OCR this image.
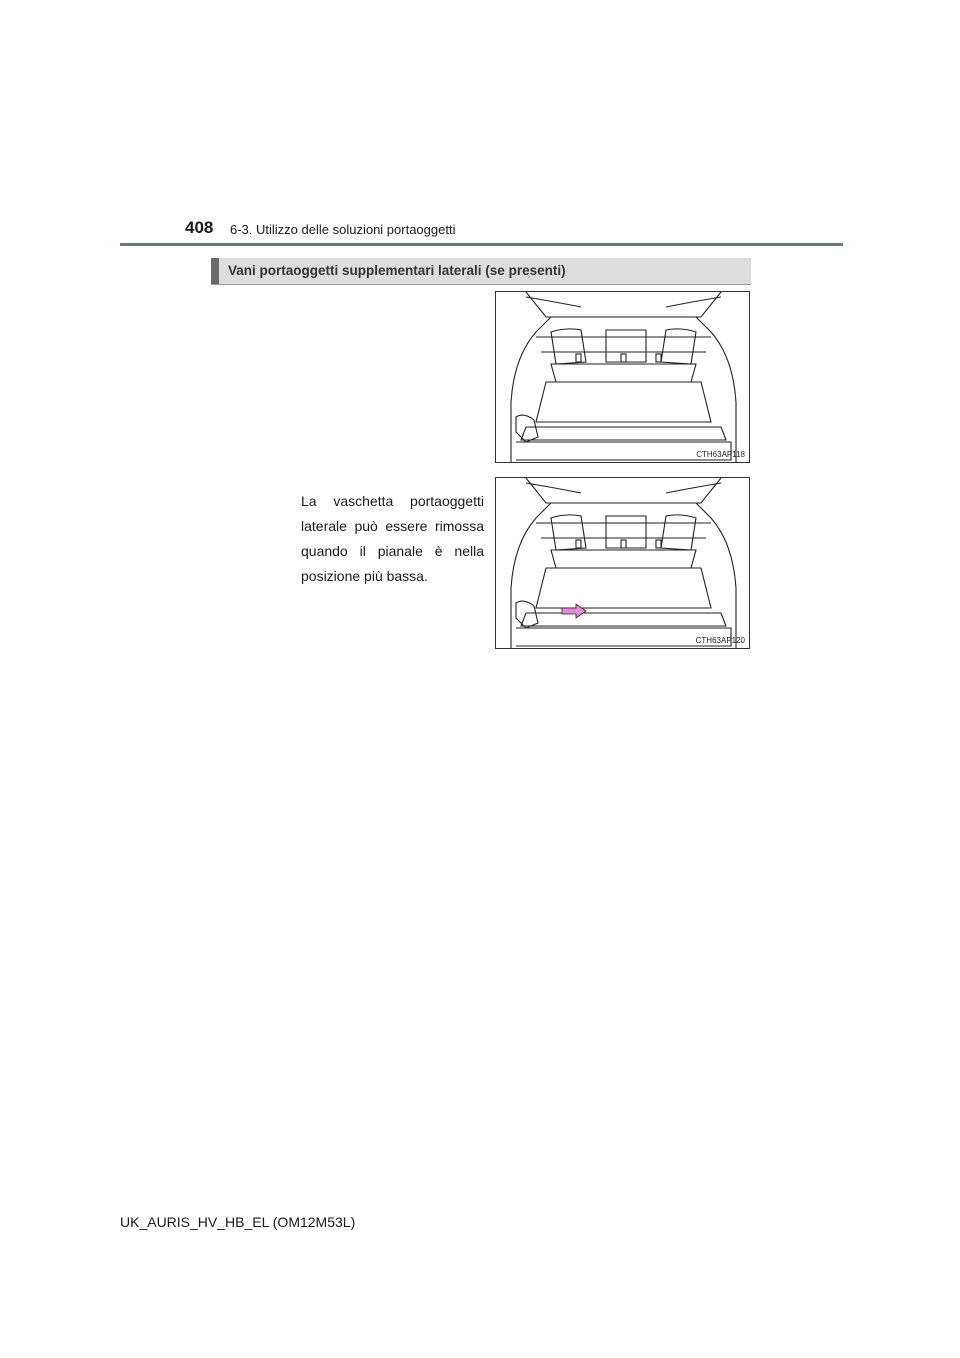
408 6-3. Utilizzo delle soluzioni portaoggetti
Vani portaoggetti supplementari laterali (se presenti)
CTH63AP118
La vaschetta portaoggetti laterale può essere rimossa quando il pianale è nella posizione più bassa.
CTH63AP120
UK_AURIS_HV_HB_EL (OM12M53L)
